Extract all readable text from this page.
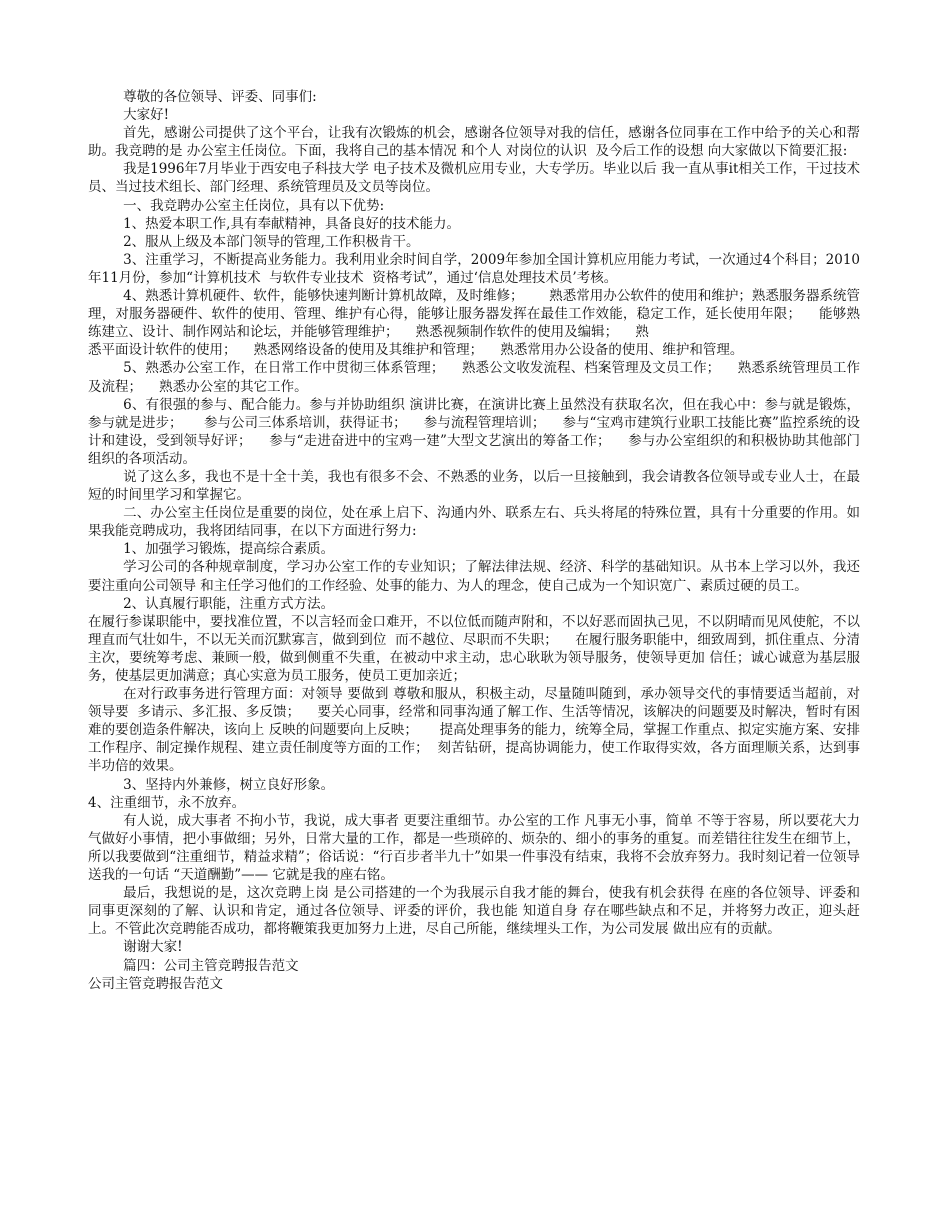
尊敬的各位领导、评委、同事们:

大家好!

首先，感谢公司提供了这个平台，让我有次锻炼的机会，感谢各位领导对我的信任，感谢各位同事在工作中给予的关心和帮助。我竞聘的是 办公室主任岗位。下面，我将自己的基本情况 和个人 对岗位的认识  及今后工作的设想 向大家做以下简要汇报:

我是1996年7月毕业于西安电子科技大学 电子技术及微机应用专业，大专学历。毕业以后 我一直从事it相关工作，干过技术员、当过技术组长、部门经理、系统管理员及文员等岗位。

一、我竞聘办公室主任岗位，具有以下优势:

1、热爱本职工作,具有奉献精神，具备良好的技术能力。

2、服从上级及本部门领导的管理,工作积极肯干。

3、注重学习，不断提高业务能力。我利用业余时间自学，2009年参加全国计算机应用能力考试，一次通过4个科目；2010年11月份，参加“计算机技术  与软件专业技术  资格考试”，通过‘信息处理技术员’考核。

4、熟悉计算机硬件、软件，能够快速判断计算机故障，及时维修；      熟悉常用办公软件的使用和维护；熟悉服务器系统管理，对服务器硬件、软件的使用、管理、维护有心得，能够让服务器发挥在最佳工作效能，稳定工作，延长使用年限；    能够熟练建立、设计、制作网站和论坛，并能够管理维护；    熟悉视频制作软件的使用及编辑；    熟

悉平面设计软件的使用；    熟悉网络设备的使用及其维护和管理；    熟悉常用办公设备的使用、维护和管理。

5、熟悉办公室工作，在日常工作中贯彻三体系管理；    熟悉公文收发流程、档案管理及文员工作；    熟悉系统管理员工作及流程；    熟悉办公室的其它工作。

6、有很强的参与、配合能力。参与并协助组织 演讲比赛，在演讲比赛上虽然没有获取名次，但在我心中：参与就是锻炼，参与就是进步；     参与公司三体系培训，获得证书；    参与流程管理培训；    参与“宝鸡市建筑行业职工技能比赛”监控系统的设计和建设，受到领导好评；    参与“走进奋进中的宝鸡一建”大型文艺演出的筹备工作；    参与办公室组织的和积极协助其他部门组织的各项活动。

说了这么多，我也不是十全十美，我也有很多不会、不熟悉的业务，以后一旦接触到，我会请教各位领导或专业人士，在最短的时间里学习和掌握它。

二、办公室主任岗位是重要的岗位，处在承上启下、沟通内外、联系左右、兵头将尾的特殊位置，具有十分重要的作用。如果我能竞聘成功，我将团结同事，在以下方面进行努力:

1、加强学习锻炼，提高综合素质。

学习公司的各种规章制度，学习办公室工作的专业知识；了解法律法规、经济、科学的基础知识。从书本上学习以外，我还要注重向公司领导 和主任学习他们的工作经验、处事的能力、为人的理念，使自己成为一个知识宽广、素质过硬的员工。

2、认真履行职能，注重方式方法。

在履行参谋职能中，要找准位置，不以言轻而金口难开，不以位低而随声附和，不以好恶而固执己见，不以阴晴而见风使舵，不以理直而气壮如牛，不以无关而沉默寡言，做到到位  而不越位、尽职而不失职；    在履行服务职能中，细致周到，抓住重点、分清主次，要统筹考虑、兼顾一般，做到侧重不失重，在被动中求主动，忠心耿耿为领导服务，使领导更加 信任；诚心诚意为基层服务，使基层更加满意；真心实意为员工服务，使员工更加亲近；

在对行政事务进行管理方面：对领导 要做到 尊敬和服从，积极主动，尽量随叫随到，承办领导交代的事情要适当超前，对领导要  多请示、多汇报、多反馈；    要关心同事，经常和同事沟通了解工作、生活等情况，该解决的问题要及时解决，暂时有困难的要创造条件解决，该向上 反映的问题要向上反映；     提高处理事务的能力，统筹全局，掌握工作重点、拟定实施方案、安排工作程序、制定操作规程、建立责任制度等方面的工作；  刻苦钻研，提高协调能力，使工作取得实效，各方面理顺关系，达到事半功倍的效果。

3、坚持内外兼修，树立良好形象。

4、注重细节，永不放弃。

有人说，成大事者 不拘小节，我说，成大事者 更要注重细节。办公室的工作 凡事无小事，简单 不等于容易，所以要花大力气做好小事情，把小事做细；另外，日常大量的工作，都是一些琐碎的、烦杂的、细小的事务的重复。而差错往往发生在细节上，所以我要做到“注重细节，精益求精”；俗话说：“行百步者半九十”如果一件事没有结束，我将不会放弃努力。我时刻记着一位领导送我的一句话 “天道酬勤”—— 它就是我的座右铭。

最后，我想说的是，这次竞聘上岗 是公司搭建的一个为我展示自我才能的舞台，使我有机会获得 在座的各位领导、评委和同事更深刻的了解、认识和肯定，通过各位领导、评委的评价，我也能 知道自身 存在哪些缺点和不足，并将努力改正，迎头赶上。不管此次竞聘能否成功，都将鞭策我更加努力上进，尽自己所能，继续埋头工作，为公司发展 做出应有的贡献。

谢谢大家!

篇四：公司主管竞聘报告范文

公司主管竞聘报告范文
